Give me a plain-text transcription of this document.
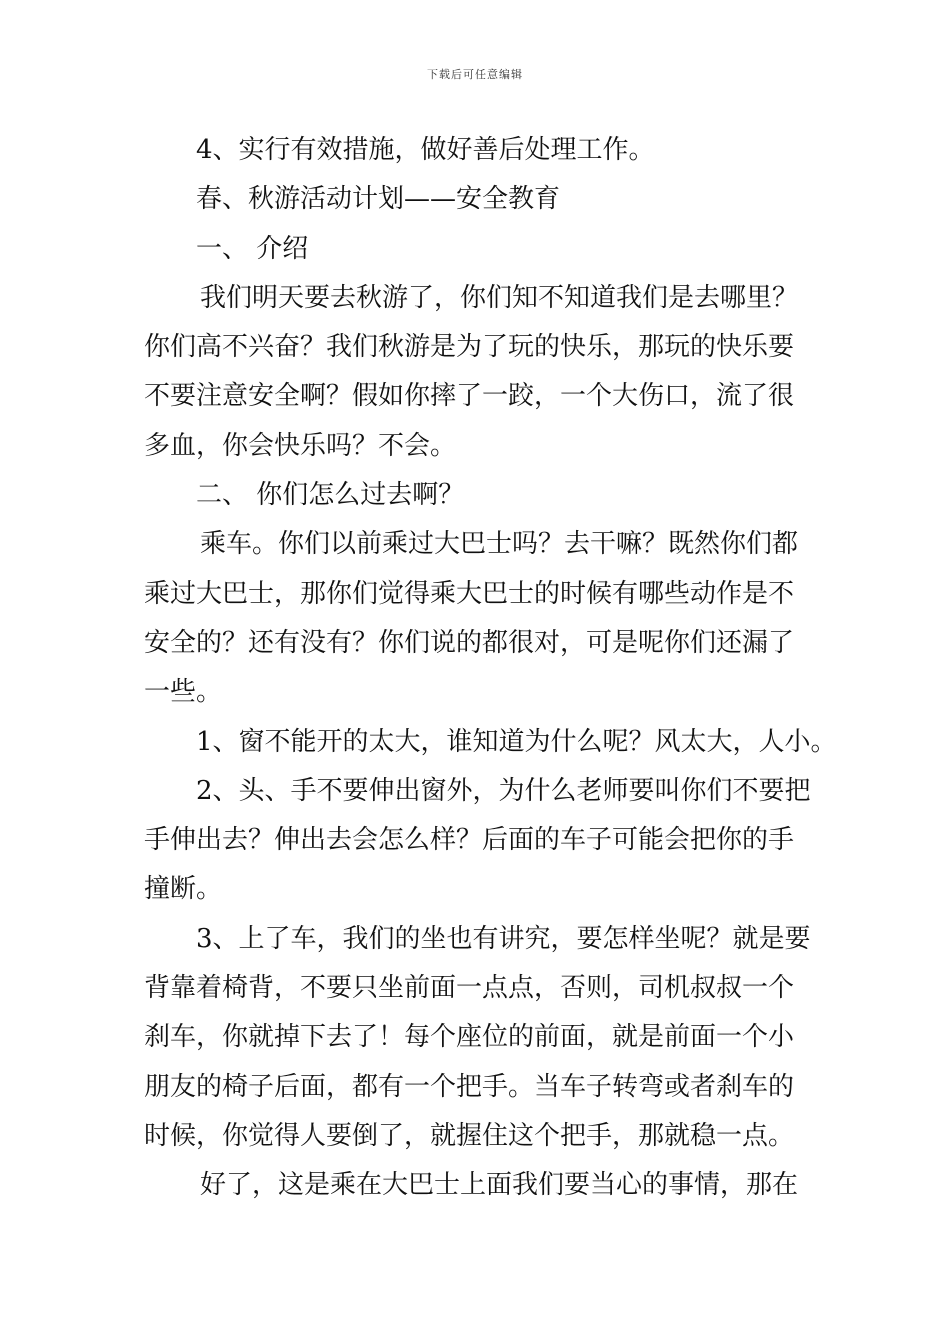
下载后可任意编辑
4、实行有效措施，做好善后处理工作。
春、秋游活动计划——安全教育
一、 介绍
我们明天要去秋游了，你们知不知道我们是去哪里？
你们高不兴奋？我们秋游是为了玩的快乐，那玩的快乐要
不要注意安全啊？假如你摔了一跤，一个大伤口，流了很
多血，你会快乐吗？不会。
二、 你们怎么过去啊？
乘车。你们以前乘过大巴士吗？去干嘛？既然你们都
乘过大巴士，那你们觉得乘大巴士的时候有哪些动作是不
安全的？还有没有？你们说的都很对，可是呢你们还漏了
一些。
1、窗不能开的太大，谁知道为什么呢？风太大，人小。
2、头、手不要伸出窗外，为什么老师要叫你们不要把
手伸出去？伸出去会怎么样？后面的车子可能会把你的手
撞断。
3、上了车，我们的坐也有讲究，要怎样坐呢？就是要
背靠着椅背，不要只坐前面一点点，否则，司机叔叔一个
刹车，你就掉下去了！每个座位的前面，就是前面一个小
朋友的椅子后面，都有一个把手。当车子转弯或者刹车的
时候，你觉得人要倒了，就握住这个把手，那就稳一点。
好了，这是乘在大巴士上面我们要当心的事情，那在
